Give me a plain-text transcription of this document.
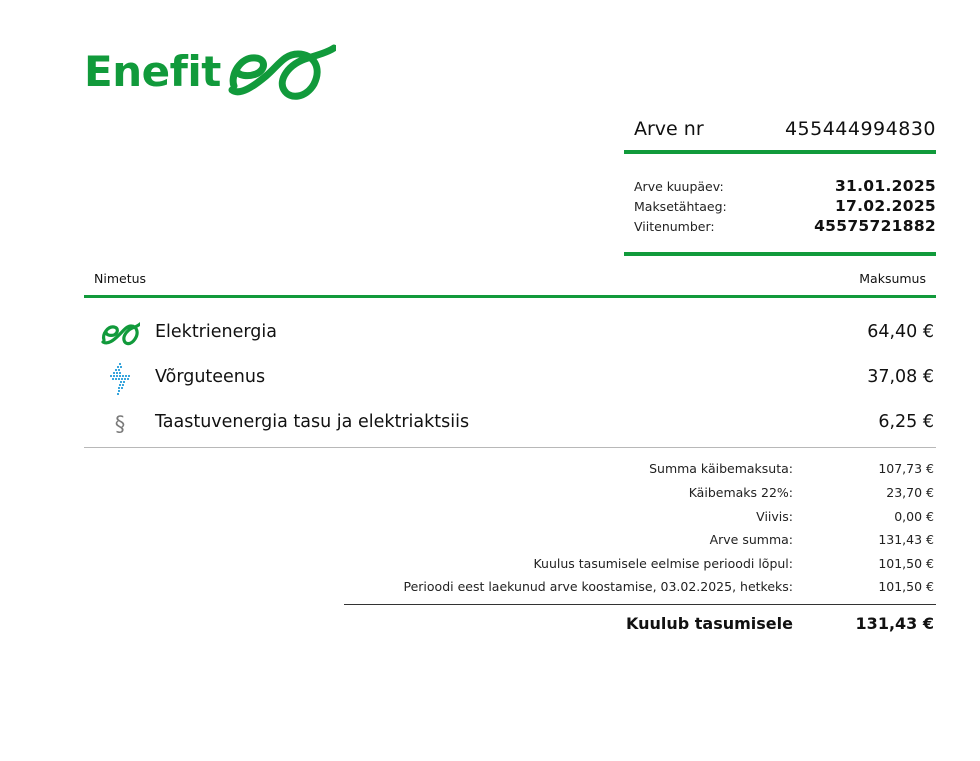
Enefit
Arve nr	455444994830
Arve kuupäev:	31.01.2025
Maksetähtaeg:	17.02.2025
Viitenumber:	45575721882
Nimetus	Maksumus
Elektrienergia	64,40 €
Võrguteenus	37,08 €
§	Taastuvenergia tasu ja elektriaktsiis	6,25 €
Summa käibemaksuta:	107,73 €
Käibemaks 22%:	23,70 €
Viivis:	0,00 €
Arve summa:	131,43 €
Kuulus tasumisele eelmise perioodi lõpul:	101,50 €
Perioodi eest laekunud arve koostamise, 03.02.2025, hetkeks:	101,50 €
Kuulub tasumisele	131,43 €
